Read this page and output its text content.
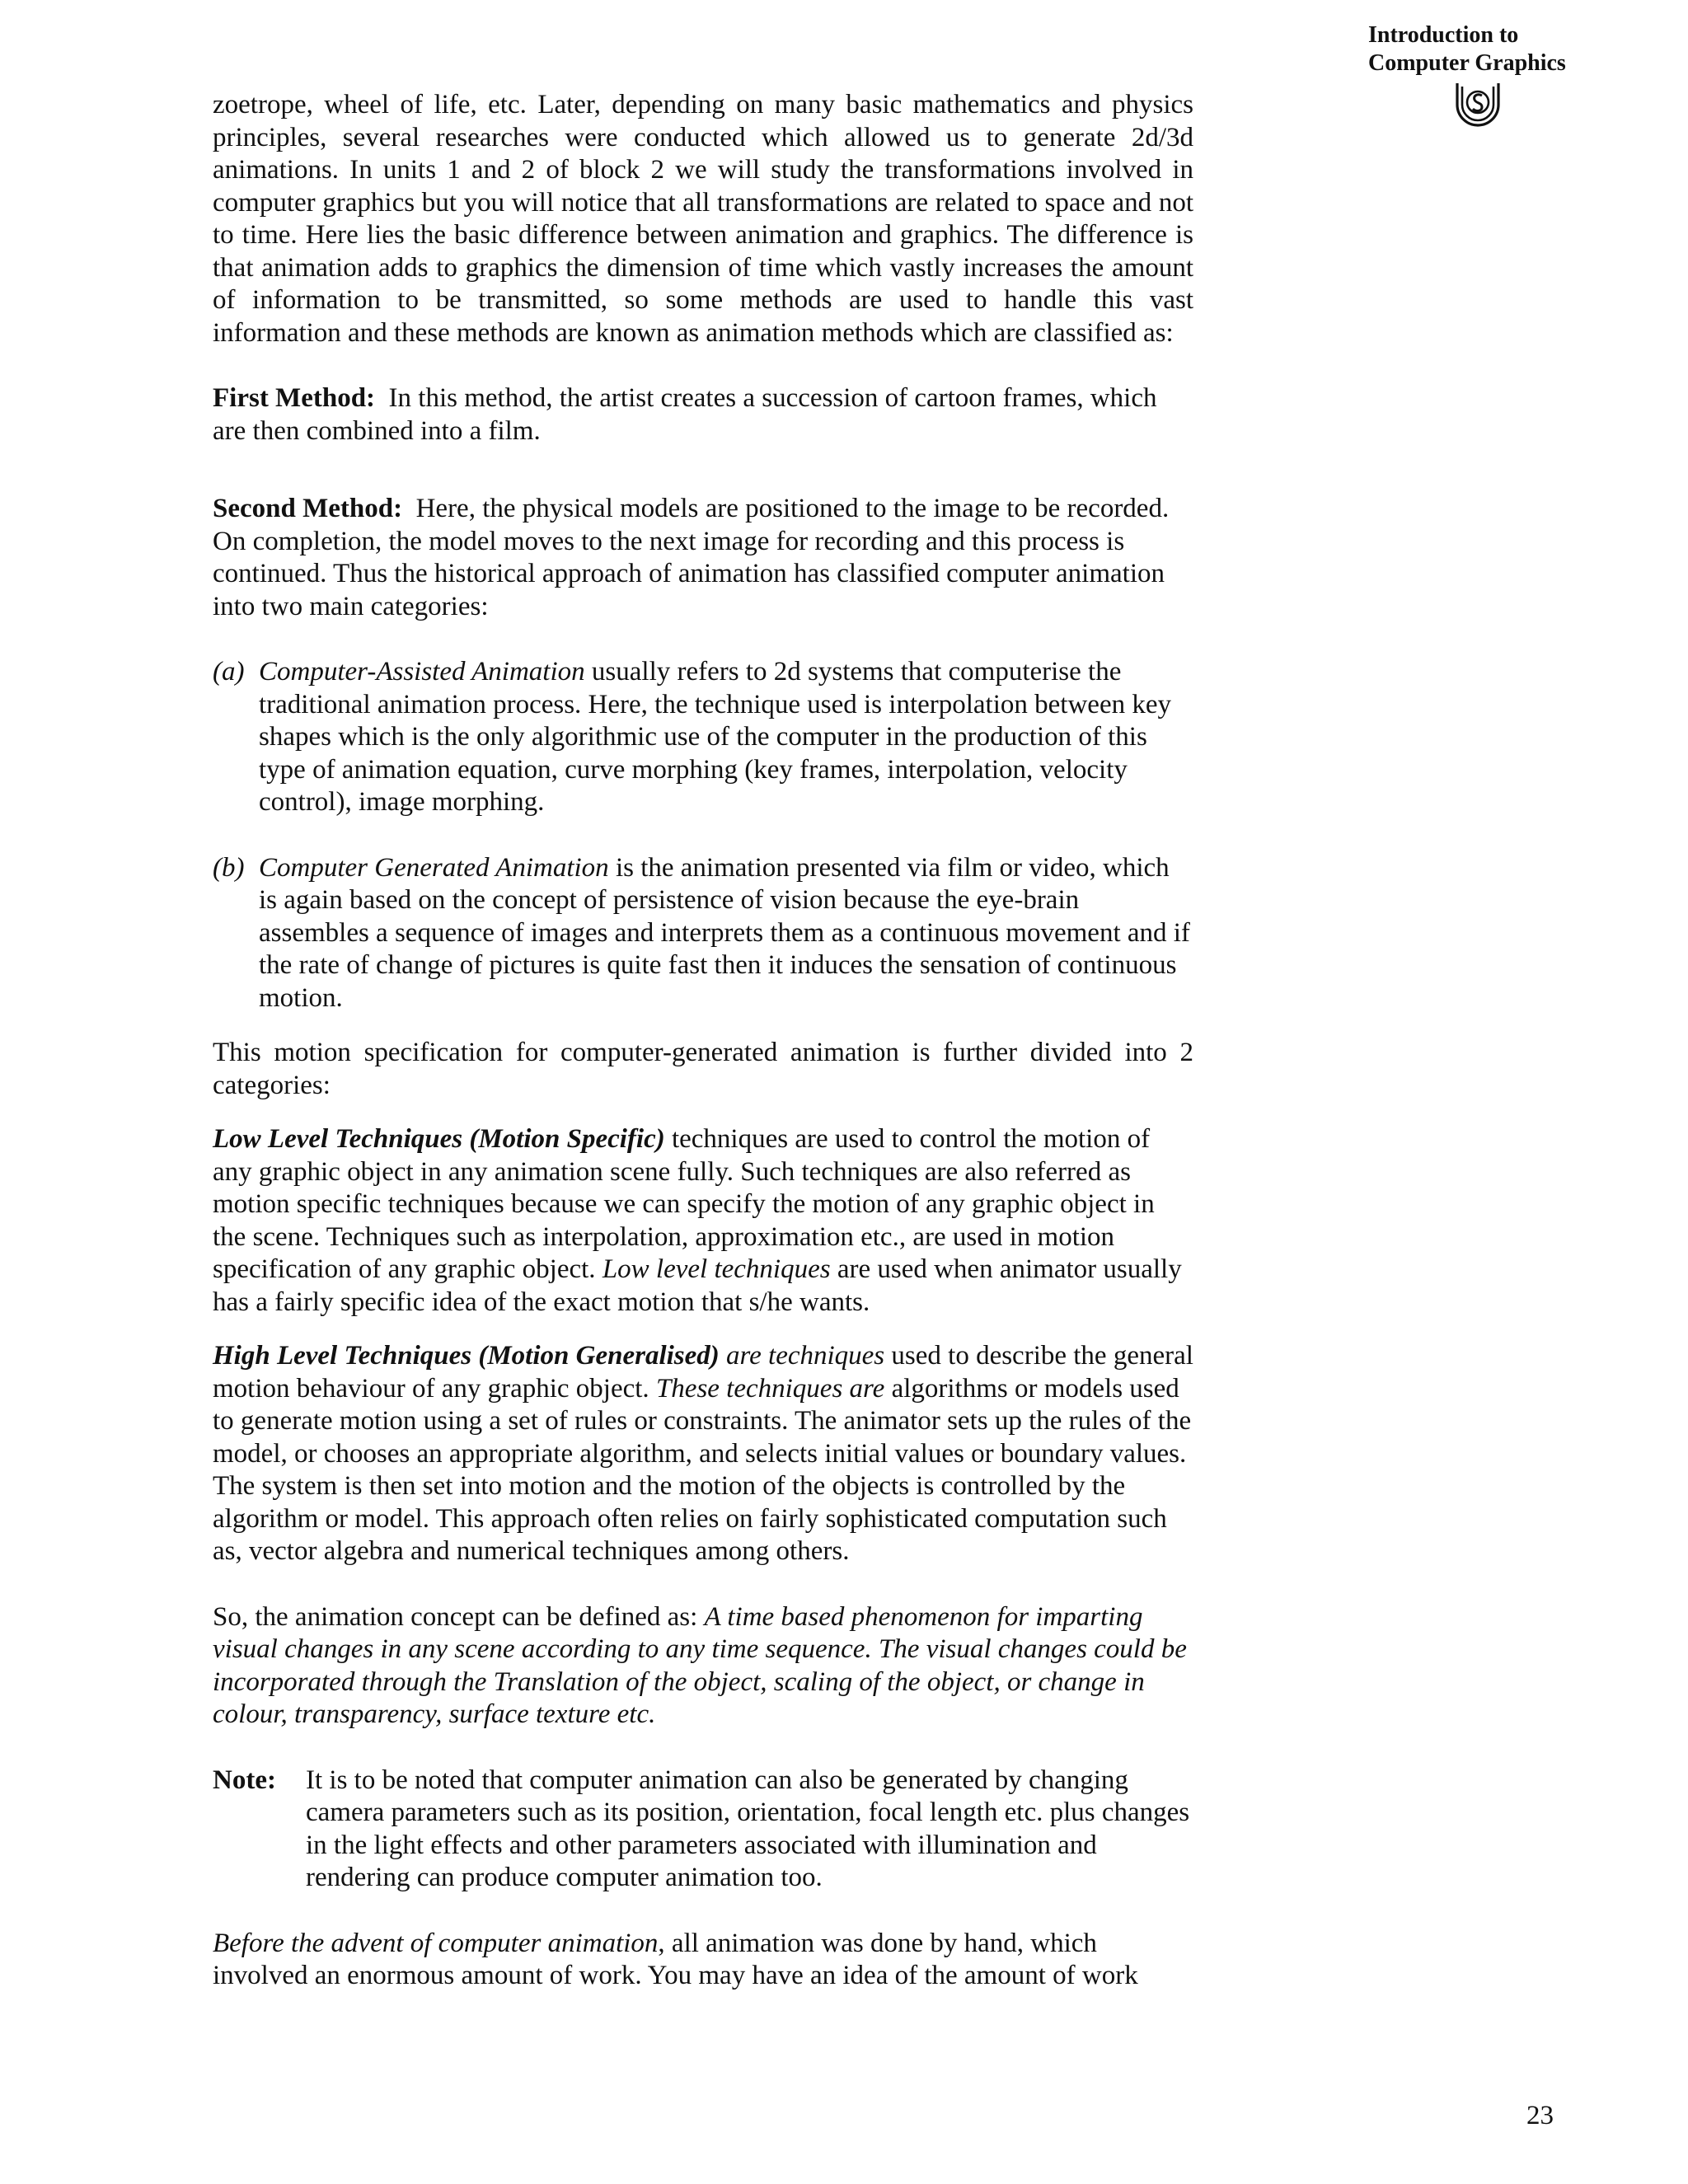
Introduction to
Computer Graphics

zoetrope, wheel of life, etc. Later, depending on many basic mathematics and physics principles, several researches were conducted which allowed us to generate 2d/3d animations. In units 1 and 2 of block 2 we will study the transformations involved in computer graphics but you will notice that all transformations are related to space and not to time. Here lies the basic difference between animation and graphics. The difference is that animation adds to graphics the dimension of time which vastly increases the amount of information to be transmitted, so some methods are used to handle this vast information and these methods are known as animation methods which are classified as:

First Method: In this method, the artist creates a succession of cartoon frames, which are then combined into a film.

Second Method: Here, the physical models are positioned to the image to be recorded. On completion, the model moves to the next image for recording and this process is continued. Thus the historical approach of animation has classified computer animation into two main categories:

(a) Computer-Assisted Animation usually refers to 2d systems that computerise the traditional animation process. Here, the technique used is interpolation between key shapes which is the only algorithmic use of the computer in the production of this type of animation equation, curve morphing (key frames, interpolation, velocity control), image morphing.
(b) Computer Generated Animation is the animation presented via film or video, which is again based on the concept of persistence of vision because the eye-brain assembles a sequence of images and interprets them as a continuous movement and if the rate of change of pictures is quite fast then it induces the sensation of continuous motion.

This motion specification for computer-generated animation is further divided into 2 categories:

Low Level Techniques (Motion Specific) techniques are used to control the motion of any graphic object in any animation scene fully. Such techniques are also referred as motion specific techniques because we can specify the motion of any graphic object in the scene. Techniques such as interpolation, approximation etc., are used in motion specification of any graphic object. Low level techniques are used when animator usually has a fairly specific idea of the exact motion that s/he wants.

High Level Techniques (Motion Generalised) are techniques used to describe the general motion behaviour of any graphic object. These techniques are algorithms or models used to generate motion using a set of rules or constraints. The animator sets up the rules of the model, or chooses an appropriate algorithm, and selects initial values or boundary values. The system is then set into motion and the motion of the objects is controlled by the algorithm or model. This approach often relies on fairly sophisticated computation such as, vector algebra and numerical techniques among others.

So, the animation concept can be defined as: A time based phenomenon for imparting visual changes in any scene according to any time sequence. The visual changes could be incorporated through the Translation of the object, scaling of the object, or change in colour, transparency, surface texture etc.

Note: It is to be noted that computer animation can also be generated by changing camera parameters such as its position, orientation, focal length etc. plus changes in the light effects and other parameters associated with illumination and rendering can produce computer animation too.

Before the advent of computer animation, all animation was done by hand, which involved an enormous amount of work. You may have an idea of the amount of work

23
